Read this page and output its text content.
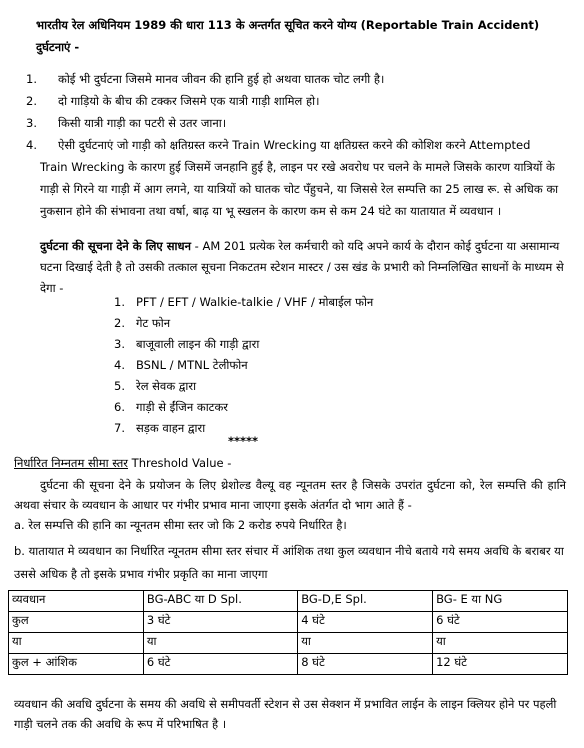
भारतीय रेल अधिनियम 1989 की धारा 113 के अन्तर्गत सूचित करने योग्य (Reportable Train Accident) दुर्घटनाएं -
1.	कोई भी दुर्घटना जिसमे मानव जीवन की हानि हुई हो अथवा घातक चोट लगी है।
2.	दो गाड़ियो के बीच की टक्कर जिसमे एक यात्री गाड़ी शामिल हो।
3.	किसी यात्री गाड़ी का पटरी से उतर जाना।
4.	ऐसी दुर्घटनाएं जो गाड़ी को क्षतिग्रस्त करने Train Wrecking या क्षतिग्रस्त करने की कोशिश करने Attempted
Train Wrecking के कारण हुई जिसमें जनहानि हुई है, लाइन पर रखे अवरोध पर चलने के मामले जिसके कारण यात्रियों के गाड़ी से गिरने या गाड़ी में आग लगने, या यात्रियों को घातक चोट पँहुचने, या जिससे रेल सम्पत्ति का 25 लाख रू. से अधिक का नुकसान होने की संभावना तथा वर्षा, बाढ़ या भू स्खलन के कारण कम से कम 24 घंटे का यातायात में व्यवधान ।
दुर्घटना की सूचना देने के लिए साधन - AM 201 प्रत्येक रेल कर्मचारी को यदि अपने कार्य के दौरान कोई दुर्घटना या असामान्य घटना दिखाई देती है तो उसकी तत्काल सूचना निकटतम स्टेशन मास्टर / उस खंड के प्रभारी को निम्नलिखित साधनों के माध्यम से देगा -
1. PFT / EFT / Walkie-talkie / VHF / मोबाईल फोन
2. गेट फोन
3. बाजूवाली लाइन की गाड़ी द्वारा
4. BSNL / MTNL टेलीफोन
5. रेल सेवक द्वारा
6. गाड़ी से ईंजिन काटकर
7. सड़क वाहन द्वारा
*****
निर्धारित निम्नतम सीमा स्तर Threshold Value -
दुर्घटना की सूचना देने के प्रयोजन के लिए थ्रेशोल्ड वैल्यू वह न्यूनतम स्तर है जिसके उपरांत दुर्घटना को, रेल सम्पत्ति की हानि अथवा संचार के व्यवधान के आधार पर गंभीर प्रभाव माना जाएगा इसके अंतर्गत दो भाग आते हैं -
a. रेल सम्पत्ति की हानि का न्यूनतम सीमा स्तर जो कि 2 करोड रुपये निर्धारित है।
b. यातायात मे व्यवधान का निर्धारित न्यूनतम सीमा स्तर संचार में आंशिक तथा कुल व्यवधान नीचे बताये गये समय अवधि के बराबर या उससे अधिक है तो इसके प्रभाव गंभीर प्रकृति का माना जाएगा
व्यवधान	BG-ABC या D Spl.	BG-D,E Spl.	BG- E या NG
कुल	3 घंटे	4 घंटे	6 घंटे
या	या	या	या
कुल + आंशिक	6 घंटे	8 घंटे	12 घंटे
व्यवधान की अवधि दुर्घटना के समय की अवधि से समीपवर्ती स्टेशन से उस सेक्शन में प्रभावित लाईन के लाइन क्लियर होने पर पहली गाड़ी चलने तक की अवधि के रूप में परिभाषित है ।
